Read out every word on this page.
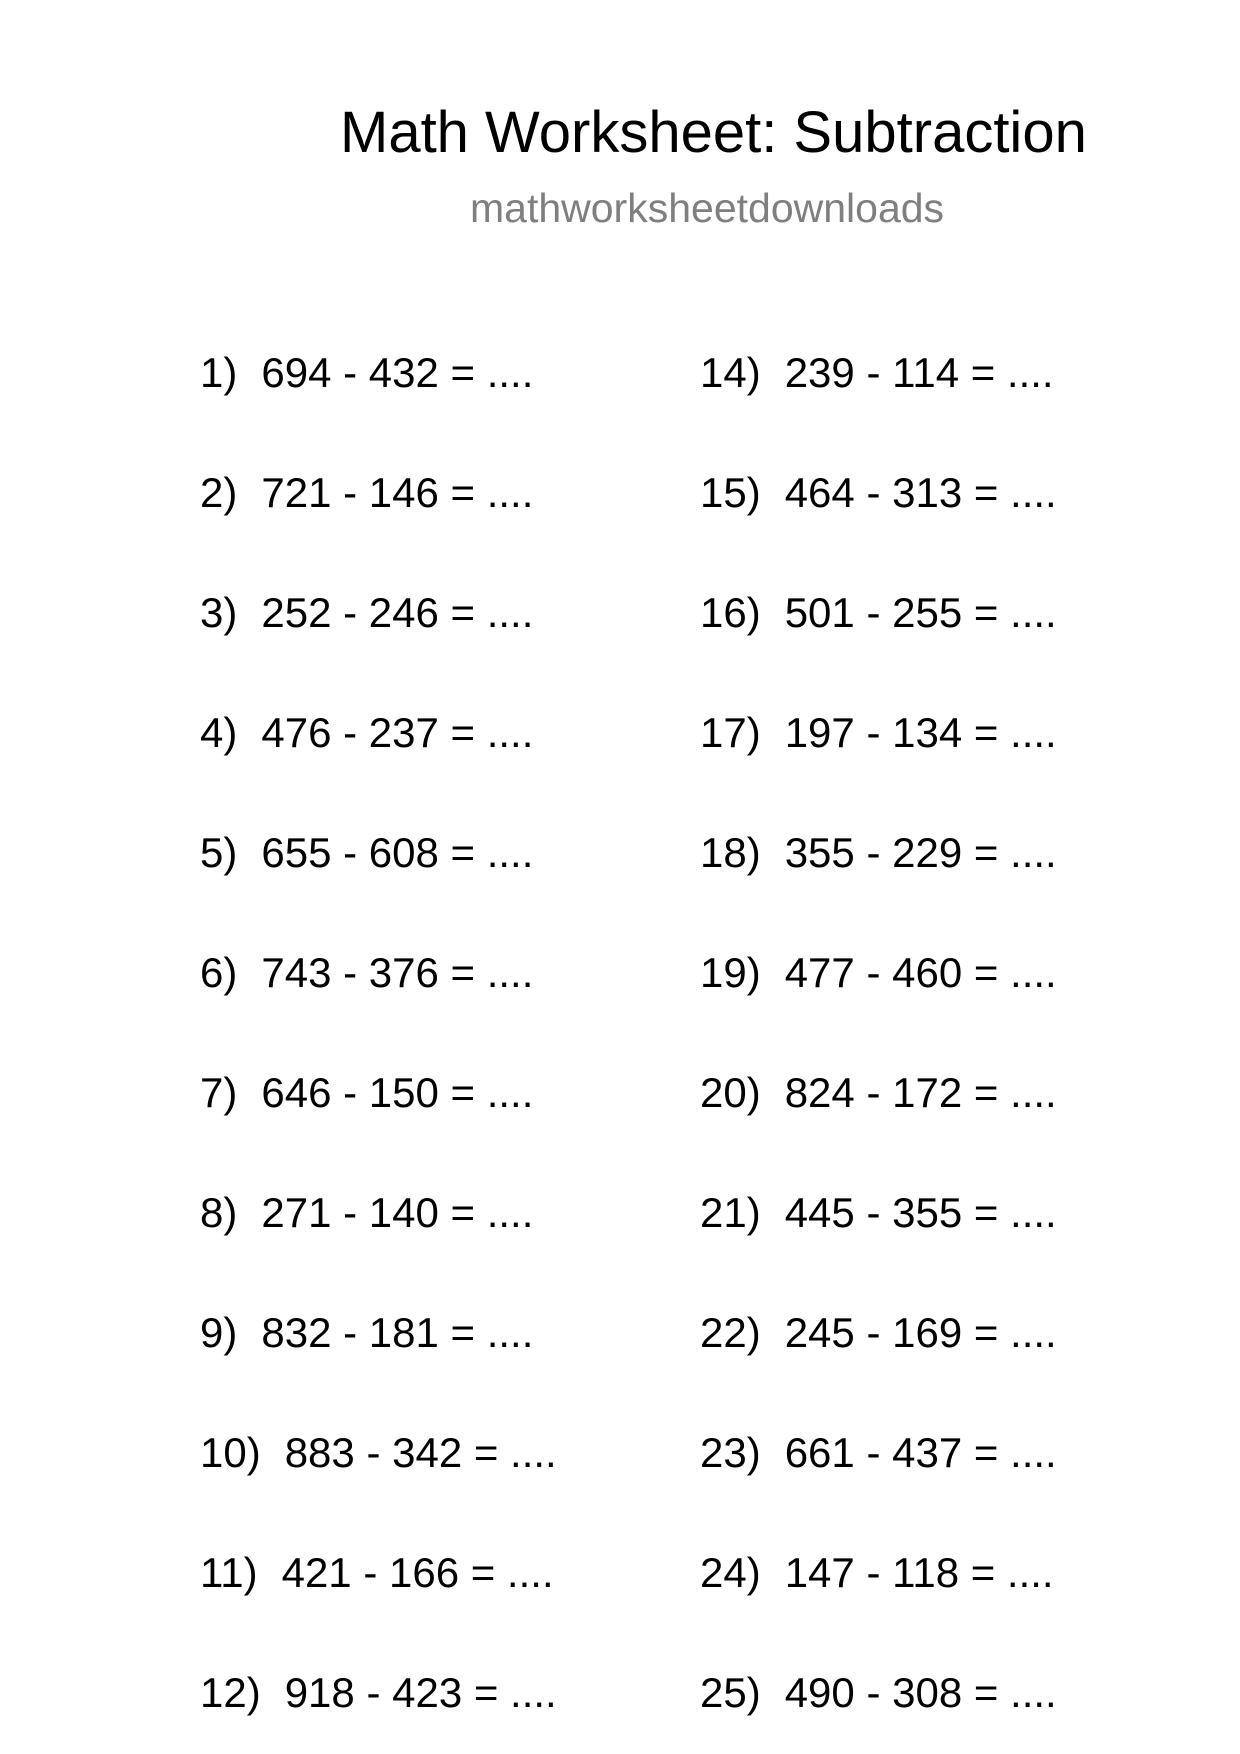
Math Worksheet: Subtraction
mathworksheetdownloads
1) 694 - 432 = ....
2) 721 - 146 = ....
3) 252 - 246 = ....
4) 476 - 237 = ....
5) 655 - 608 = ....
6) 743 - 376 = ....
7) 646 - 150 = ....
8) 271 - 140 = ....
9) 832 - 181 = ....
10) 883 - 342 = ....
11) 421 - 166 = ....
12) 918 - 423 = ....
14) 239 - 114 = ....
15) 464 - 313 = ....
16) 501 - 255 = ....
17) 197 - 134 = ....
18) 355 - 229 = ....
19) 477 - 460 = ....
20) 824 - 172 = ....
21) 445 - 355 = ....
22) 245 - 169 = ....
23) 661 - 437 = ....
24) 147 - 118 = ....
25) 490 - 308 = ....
